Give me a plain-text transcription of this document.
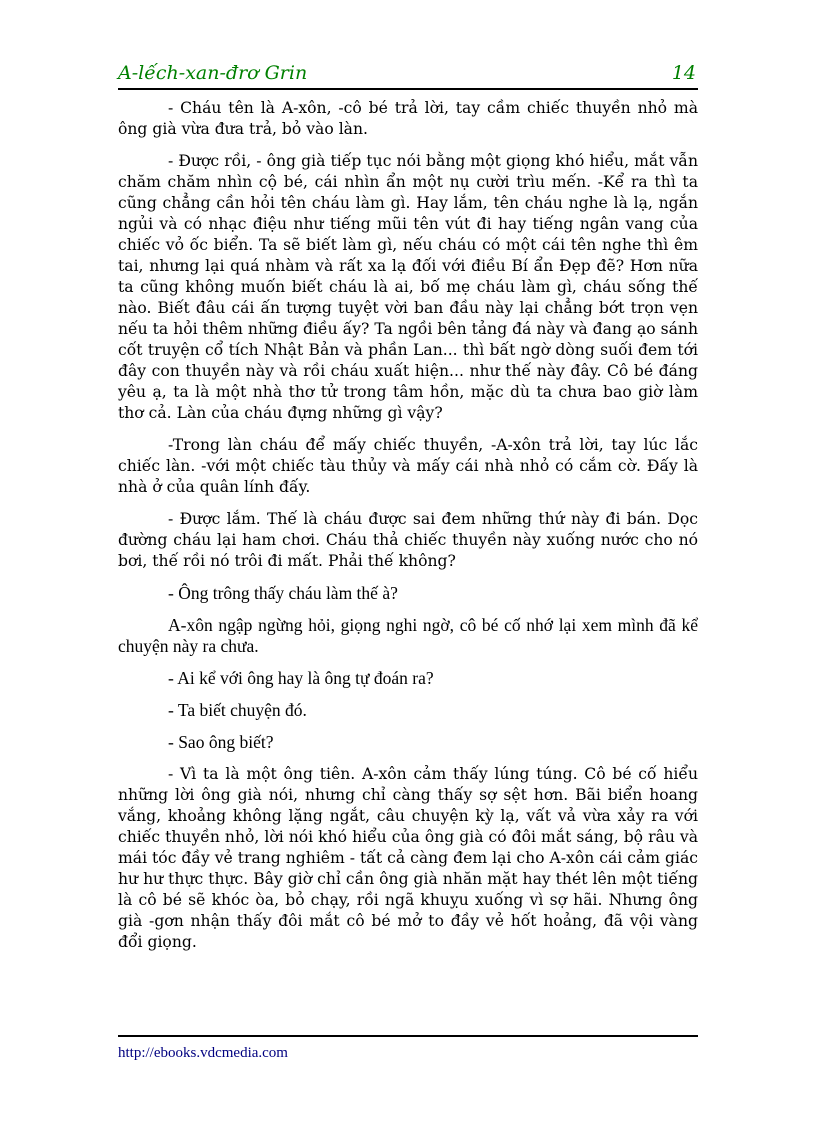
A-lếch-xan-đrơ Grin	14

- Cháu tên là A-xôn, -cô bé trả lời, tay cầm chiếc thuyền nhỏ mà ông già vừa đưa trả, bỏ vào làn.

- Được rồi, - ông già tiếp tục nói bằng một giọng khó hiểu, mắt vẫn chăm chăm nhìn cộ bé, cái nhìn ẩn một nụ cười trìu mến. -Kể ra thì ta cũng chẳng cần hỏi tên cháu làm gì. Hay lắm, tên cháu nghe là lạ, ngắn ngủi và có nhạc điệu như tiếng mũi tên vút đi hay tiếng ngân vang của chiếc vỏ ốc biển. Ta sẽ biết làm gì, nếu cháu có một cái tên nghe thì êm tai, nhưng lại quá nhàm và rất xa lạ đối với điều Bí ẩn Đẹp đẽ? Hơn nữa ta cũng không muốn biết cháu là ai, bố mẹ cháu làm gì, cháu sống thế nào. Biết đâu cái ấn tượng tuyệt vời ban đầu này lại chẳng bớt trọn vẹn nếu ta hỏi thêm những điều ấy? Ta ngồi bên tảng đá này và đang ạo sánh cốt truyện cổ tích Nhật Bản và phần Lan... thì bất ngờ dòng suối đem tới đây con thuyền này và rồi cháu xuất hiện... như thế này đây. Cô bé đáng yêu ạ, ta là một nhà thơ tử trong tâm hồn, mặc dù ta chưa bao giờ làm thơ cả. Làn của cháu đựng những gì vậy?

-Trong làn cháu để mấy chiếc thuyền, -A-xôn trả lời, tay lúc lắc chiếc làn. -với một chiếc tàu thủy và mấy cái nhà nhỏ có cắm cờ. Đấy là nhà ở của quân lính đấy.

- Được lắm. Thế là cháu được sai đem những thứ này đi bán. Dọc đường cháu lại ham chơi. Cháu thả chiếc thuyền này xuống nước cho nó bơi, thế rồi nó trôi đi mất. Phải thế không?

- Ông trông thấy cháu làm thế à?

A-xôn ngập ngừng hỏi, giọng nghi ngờ, cô bé cố nhớ lại xem mình đã kể chuyện này ra chưa.

- Ai kể với ông hay là ông tự đoán ra?

- Ta biết chuyện đó.

- Sao ông biết?

- Vì ta là một ông tiên. A-xôn cảm thấy lúng túng. Cô bé cố hiểu những lời ông già nói, nhưng chỉ càng thấy sợ sệt hơn. Bãi biển hoang vắng, khoảng không lặng ngắt, câu chuyện kỳ lạ, vất vả vừa xảy ra với chiếc thuyền nhỏ, lời nói khó hiểu của ông già có đôi mắt sáng, bộ râu và mái tóc đầy vẻ trang nghiêm - tất cả càng đem lại cho A-xôn cái cảm giác hư hư thực thực. Bây giờ chỉ cần ông già nhăn mặt hay thét lên một tiếng là cô bé sẽ khóc òa, bỏ chạy, rồi ngã khuỵu xuống vì sợ hãi. Nhưng ông già -gơn nhận thấy đôi mắt cô bé mở to đầy vẻ hốt hoảng, đã vội vàng đổi giọng.

http://ebooks.vdcmedia.com
